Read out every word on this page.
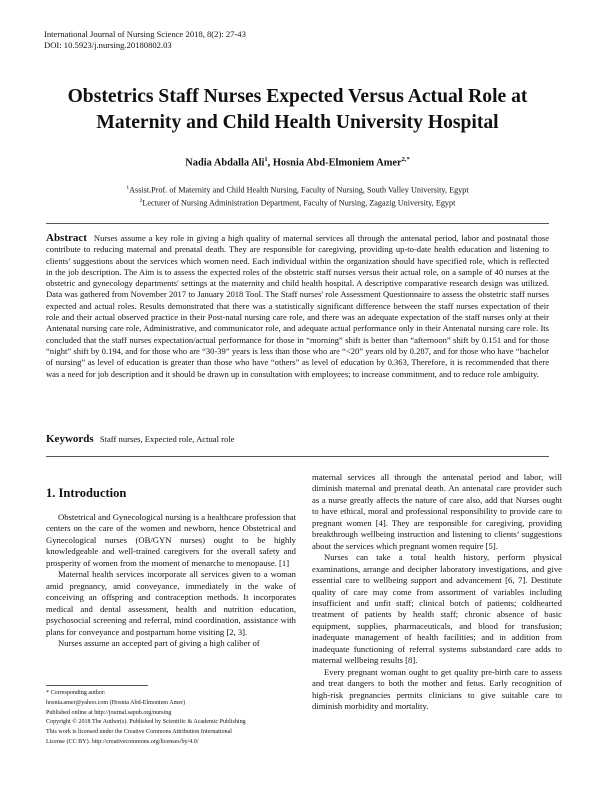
International Journal of Nursing Science 2018, 8(2): 27-43
DOI: 10.5923/j.nursing.20180802.03
Obstetrics Staff Nurses Expected Versus Actual Role at
Maternity and Child Health University Hospital
Nadia Abdalla Ali$^1$, Hosnia Abd-Elmoniem Amer$^{2,*}$
$^1$Assist.Prof. of Maternity and Child Health Nursing, Faculty of Nursing, South Valley University, Egypt
$^2$Lecturer of Nursing Administration Department, Faculty of Nursing, Zagazig University, Egypt
Abstract Nurses assume a key role in giving a high quality of maternal services all through the antenatal period, labor and postnatal those contribute to reducing maternal and prenatal death. They are responsible for caregiving, providing up-to-date health education and listening to clients’ suggestions about the services which women need. Each individual within the organization should have specified role, which is reflected in the job description. The Aim is to assess the expected roles of the obstetric staff nurses versus their actual role, on a sample of 40 nurses at the obstetric and gynecology departments' settings at the maternity and child health hospital. A descriptive comparative research design was utilized. Data was gathered from November 2017 to January 2018 Tool. The Staff nurses' role Assessment Questionnaire to assess the obstetric staff nurses expected and actual roles. Results demonstrated that there was a statistically significant difference between the staff nurses expectation of their role and their actual observed practice in their Post-natal nursing care role, and there was an adequate expectation of the staff nurses only at their Antenatal nursing care role, Administrative, and communicator role, and adequate actual performance only in their Antenatal nursing care role. Its concluded that the staff nurses expectation/actual performance for those in “morning” shift is better than “afternoon” shift by 0.151 and for those “night” shift by 0.194, and for those who are “30-39” years is less than those who are “<20” years old by 0.287, and for those who have “bachelor of nursing” as level of education is greater than those who have “others” as level of education by 0.363, Therefore, it is recommended that there was a need for job description and it should be drawn up in consultation with employees; to increase commitment, and to reduce role ambiguity.
Keywords Staff nurses, Expected role, Actual role
1. Introduction

Obstetrical and Gynecological nursing is a healthcare profession that centers on the care of the women and newborn, hence Obstetrical and Gynecological nurses (OB/GYN nurses) ought to be highly knowledgeable and well-trained caregivers for the overall safety and prosperity of women from the moment of menarche to menopause. [1]

Maternal health services incorporate all services given to a woman amid pregnancy, amid conveyance, immediately in the wake of conceiving an offspring and contraception methods. It incorporates medical and dental assessment, health and nutrition education, psychosocial screening and referral, mind coordination, assistance with plans for conveyance and postpartum home visiting [2, 3].

Nurses assume an accepted part of giving a high caliber of

maternal services all through the antenatal period and labor, will diminish maternal and prenatal death. An antenatal care provider such as a nurse greatly affects the nature of care also, add that Nurses ought to have ethical, moral and professional responsibility to provide care to pregnant women [4]. They are responsible for caregiving, providing breakthrough wellbeing instruction and listening to clients’ suggestions about the services which pregnant women require [5].

Nurses can take a total health history, perform physical examinations, arrange and decipher laboratory investigations, and give essential care to wellbeing support and advancement [6, 7]. Destitute quality of care may come from assortment of variables including insufficient and unfit staff; clinical botch of patients; coldhearted treatment of patients by health staff; chronic absence of basic equipment, supplies, pharmaceuticals, and blood for transfusion; inadequate management of health facilities; and in addition from inadequate functioning of referral systems substandard care adds to maternal wellbeing results [8].

Every pregnant woman ought to get quality pre-birth care to assess and treat dangers to both the mother and fetus. Early recognition of high-risk pregnancies permits clinicians to give suitable care to diminish morbidity and mortality.

* Corresponding author:
hosnia.amer@yahoo.com (Hosnia Abd-Elmoniem Amer)
Published online at http://journal.sapub.org/nursing
Copyright © 2018 The Author(s). Published by Scientific & Academic Publishing
This work is licensed under the Creative Commons Attribution International
License (CC BY). http://creativecommons.org/licenses/by/4.0/
